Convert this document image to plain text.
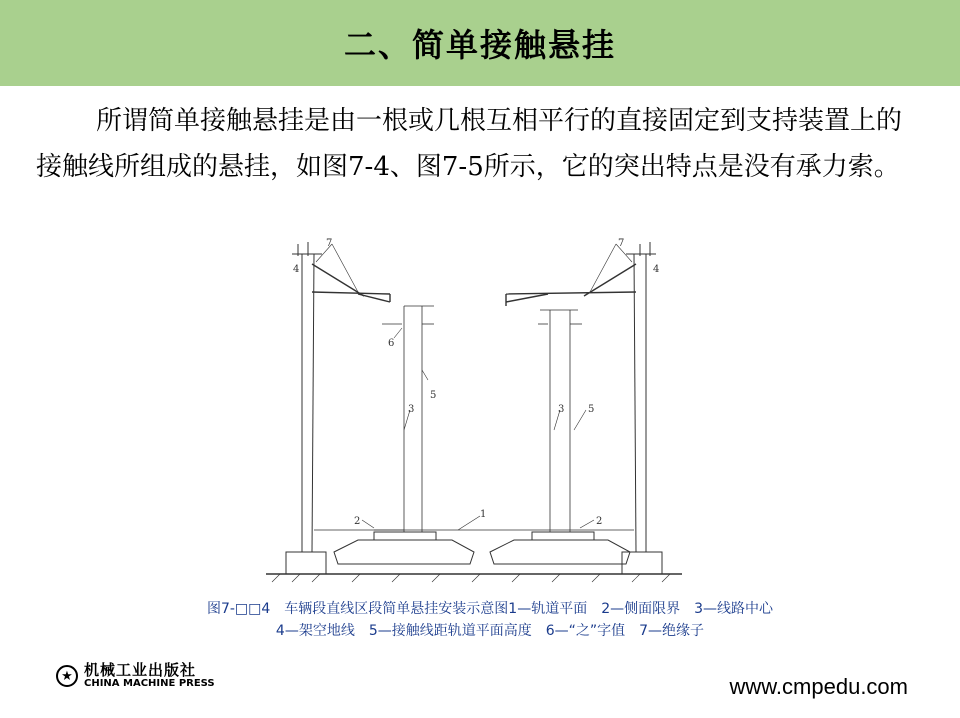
二、简单接触悬挂

所谓简单接触悬挂是由一根或几根互相平行的直接固定到支持装置上的接触线所组成的悬挂，如图7-4、图7-5所示，它的突出特点是没有承力索。

7
4
7
4
6
5
3	3 5
1
2	2

图7-□□4　车辆段直线区段简单悬挂安装示意图1—轨道平面　2—侧面限界　3—线路中心

4—架空地线　5—接触线距轨道平面高度　6—“之”字值　7—绝缘子

★ 机械工业出版社
CHINA MACHINE PRESS	www.cmpedu.com
